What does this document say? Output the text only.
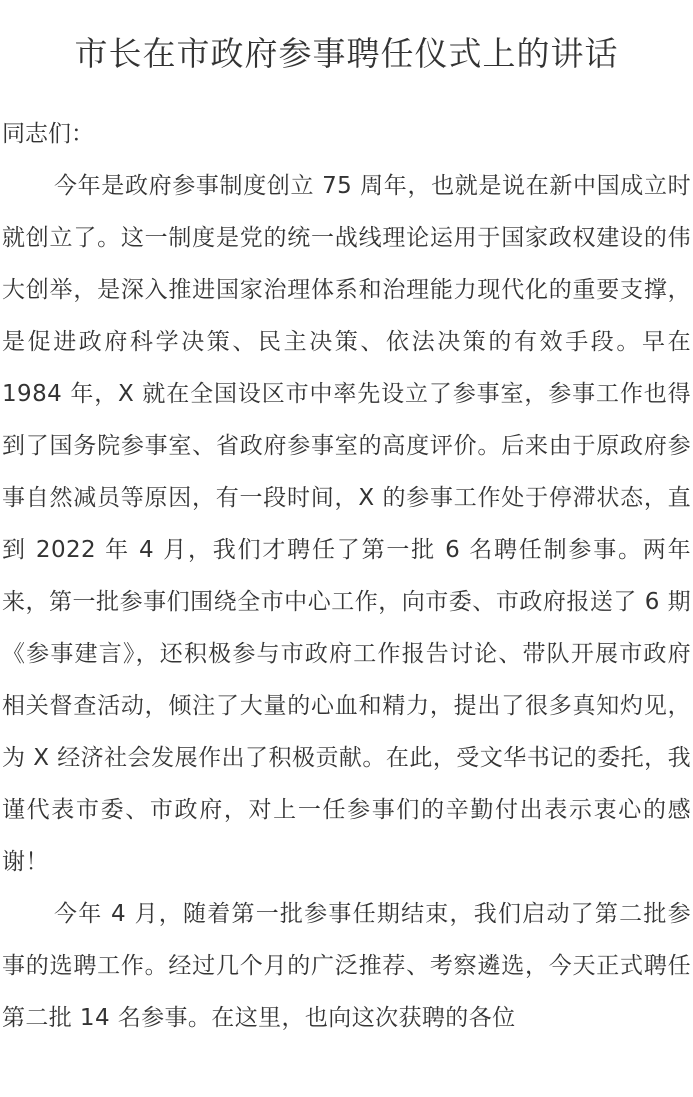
市长在市政府参事聘任仪式上的讲话

同志们：

今年是政府参事制度创立 75 周年，也就是说在新中国成立时就创立了。这一制度是党的统一战线理论运用于国家政权建设的伟大创举，是深入推进国家治理体系和治理能力现代化的重要支撑，是促进政府科学决策、民主决策、依法决策的有效手段。早在 1984 年，X 就在全国设区市中率先设立了参事室，参事工作也得到了国务院参事室、省政府参事室的高度评价。后来由于原政府参事自然减员等原因，有一段时间，X 的参事工作处于停滞状态，直到 2022 年 4 月，我们才聘任了第一批 6 名聘任制参事。两年来，第一批参事们围绕全市中心工作，向市委、市政府报送了 6 期《参事建言》，还积极参与市政府工作报告讨论、带队开展市政府相关督查活动，倾注了大量的心血和精力，提出了很多真知灼见，为 X 经济社会发展作出了积极贡献。在此，受文华书记的委托，我谨代表市委、市政府，对上一任参事们的辛勤付出表示衷心的感谢！

今年 4 月，随着第一批参事任期结束，我们启动了第二批参事的选聘工作。经过几个月的广泛推荐、考察遴选，今天正式聘任第二批 14 名参事。在这里，也向这次获聘的各位
